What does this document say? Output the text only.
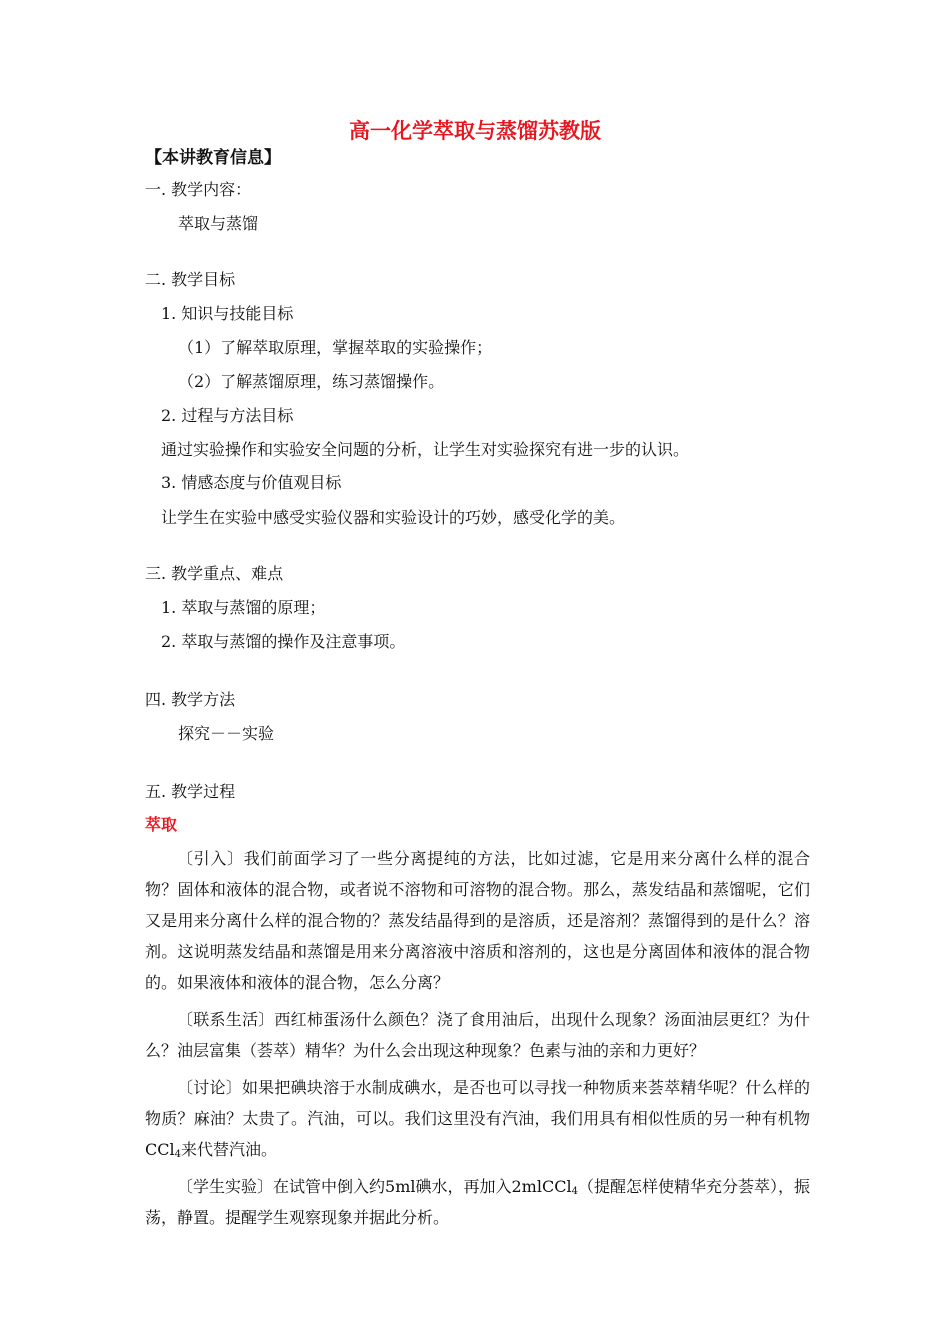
高一化学萃取与蒸馏苏教版
【本讲教育信息】
一. 教学内容：
萃取与蒸馏
二. 教学目标
1. 知识与技能目标
（1）了解萃取原理，掌握萃取的实验操作；
（2）了解蒸馏原理，练习蒸馏操作。
2. 过程与方法目标
通过实验操作和实验安全问题的分析，让学生对实验探究有进一步的认识。
3. 情感态度与价值观目标
让学生在实验中感受实验仪器和实验设计的巧妙，感受化学的美。
三. 教学重点、难点
1. 萃取与蒸馏的原理；
2. 萃取与蒸馏的操作及注意事项。
四. 教学方法
探究－－实验
五. 教学过程
萃取

〔引入〕我们前面学习了一些分离提纯的方法，比如过滤，它是用来分离什么样的混合物？固体和液体的混合物，或者说不溶物和可溶物的混合物。那么，蒸发结晶和蒸馏呢，它们又是用来分离什么样的混合物的？蒸发结晶得到的是溶质，还是溶剂？蒸馏得到的是什么？溶剂。这说明蒸发结晶和蒸馏是用来分离溶液中溶质和溶剂的，这也是分离固体和液体的混合物的。如果液体和液体的混合物，怎么分离？

〔联系生活〕西红柿蛋汤什么颜色？浇了食用油后，出现什么现象？汤面油层更红？为什么？油层富集（荟萃）精华？为什么会出现这种现象？色素与油的亲和力更好？

〔讨论〕如果把碘块溶于水制成碘水，是否也可以寻找一种物质来荟萃精华呢？什么样的物质？麻油？太贵了。汽油，可以。我们这里没有汽油，我们用具有相似性质的另一种有机物CCl$_4$来代替汽油。

〔学生实验〕在试管中倒入约5ml碘水，再加入2mlCCl$_4$（提醒怎样使精华充分荟萃），振荡，静置。提醒学生观察现象并据此分析。
